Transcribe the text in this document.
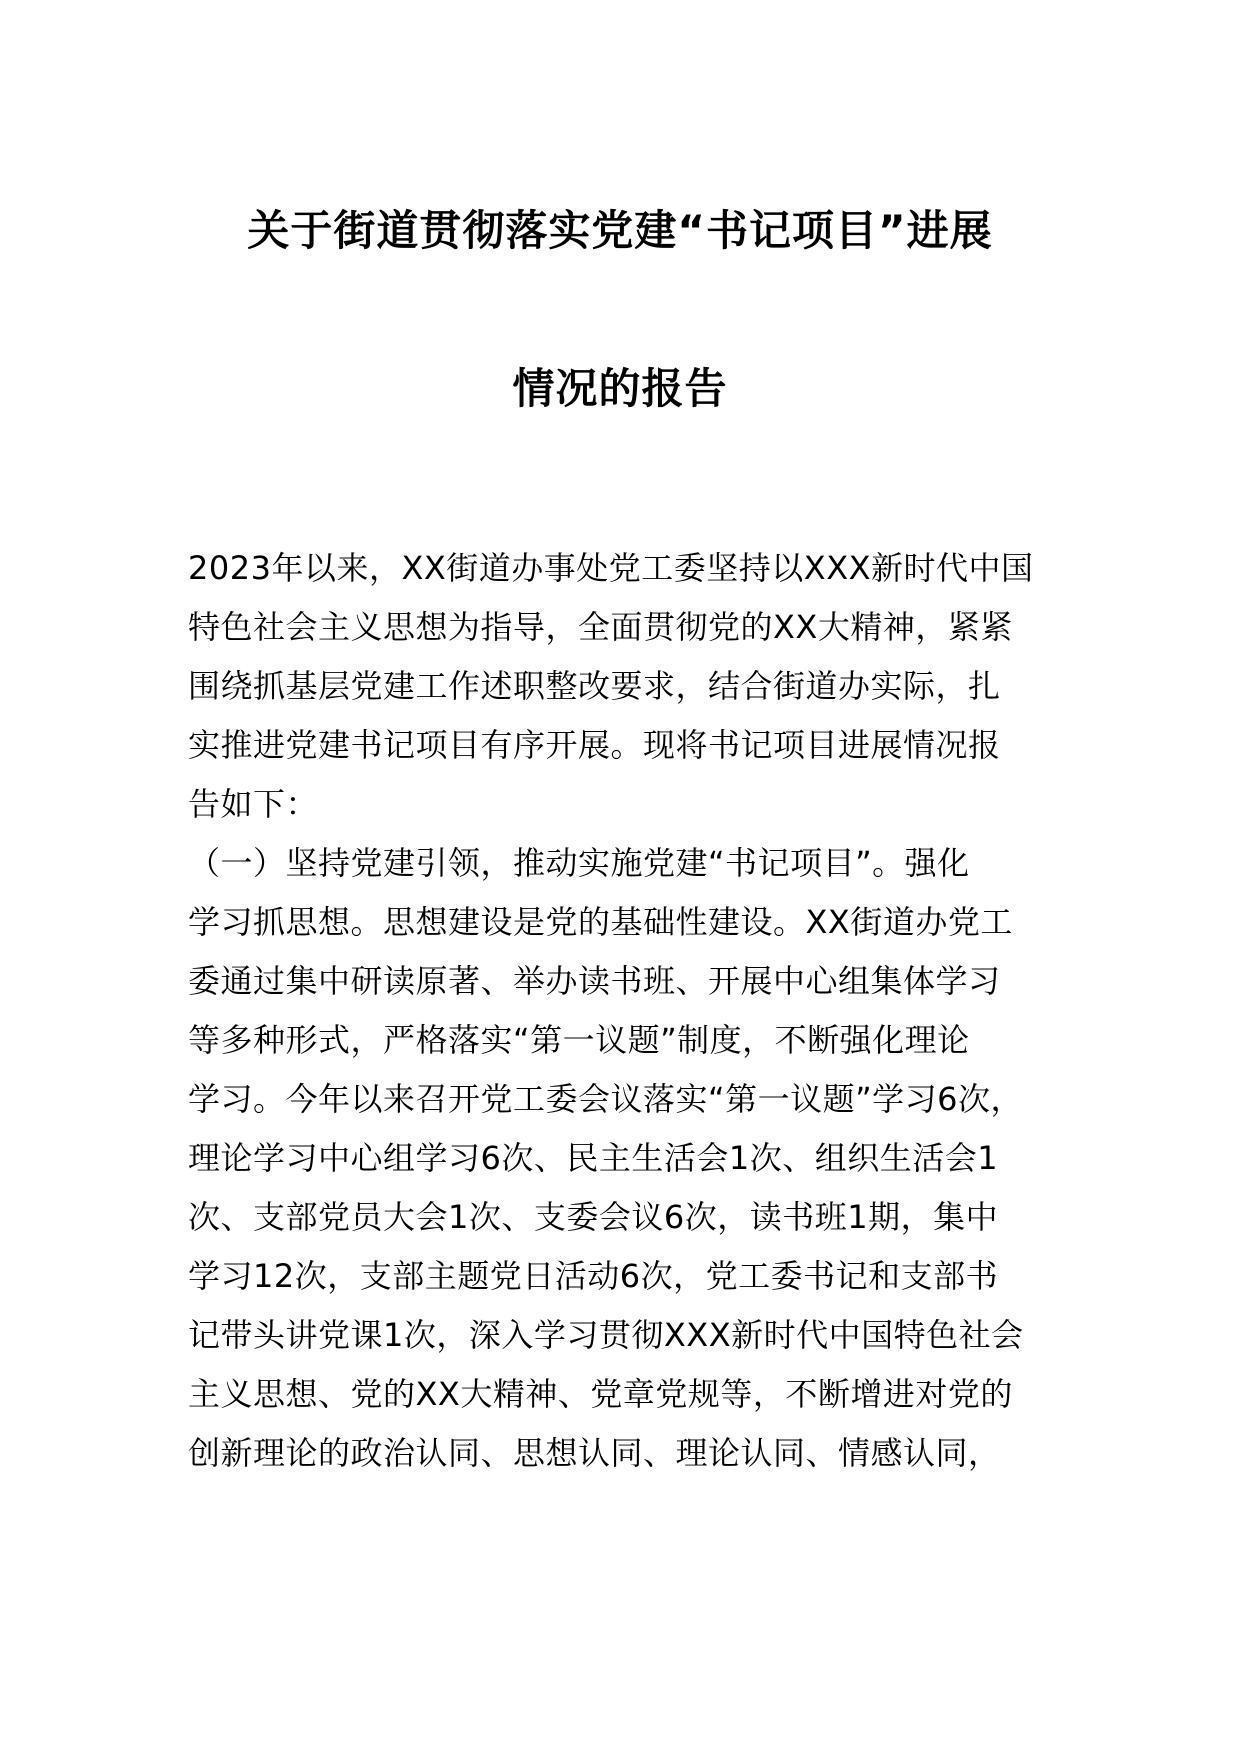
关于街道贯彻落实党建“书记项目”进展
情况的报告
2023年以来，XX街道办事处党工委坚持以XXX新时代中国
特色社会主义思想为指导，全面贯彻党的XX大精神，紧紧
围绕抓基层党建工作述职整改要求，结合街道办实际，扎
实推进党建书记项目有序开展。现将书记项目进展情况报
告如下：
（一）坚持党建引领，推动实施党建“书记项目”。强化
学习抓思想。思想建设是党的基础性建设。XX街道办党工
委通过集中研读原著、举办读书班、开展中心组集体学习
等多种形式，严格落实“第一议题”制度，不断强化理论
学习。今年以来召开党工委会议落实“第一议题”学习6次，
理论学习中心组学习6次、民主生活会1次、组织生活会1
次、支部党员大会1次、支委会议6次，读书班1期，集中
学习12次，支部主题党日活动6次，党工委书记和支部书
记带头讲党课1次，深入学习贯彻XXX新时代中国特色社会
主义思想、党的XX大精神、党章党规等，不断增进对党的
创新理论的政治认同、思想认同、理论认同、情感认同，
